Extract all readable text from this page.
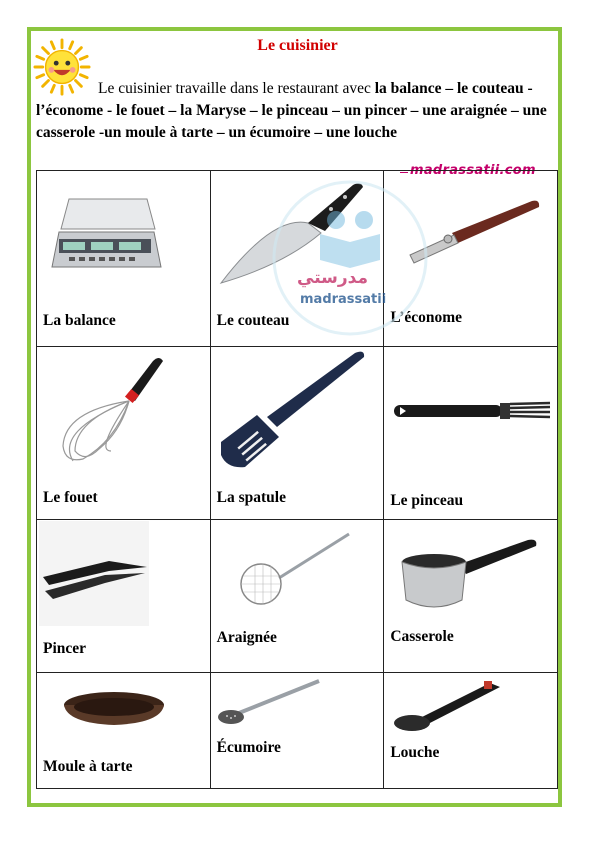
Le cuisinier
Le cuisinier travaille dans le restaurant avec la balance – le couteau -l’économe - le fouet – la Maryse – le pinceau – un pincer – une araignée – une casserole -un moule à tarte – un écumoire – une louche
madrassatii.com
La balance	Le couteau	L’économe

Le fouet	La spatule	Le pinceau

Pincer	Araignée	Casserole

Moule à tarte	Écumoire	Louche
مدرستي
madrassatii
